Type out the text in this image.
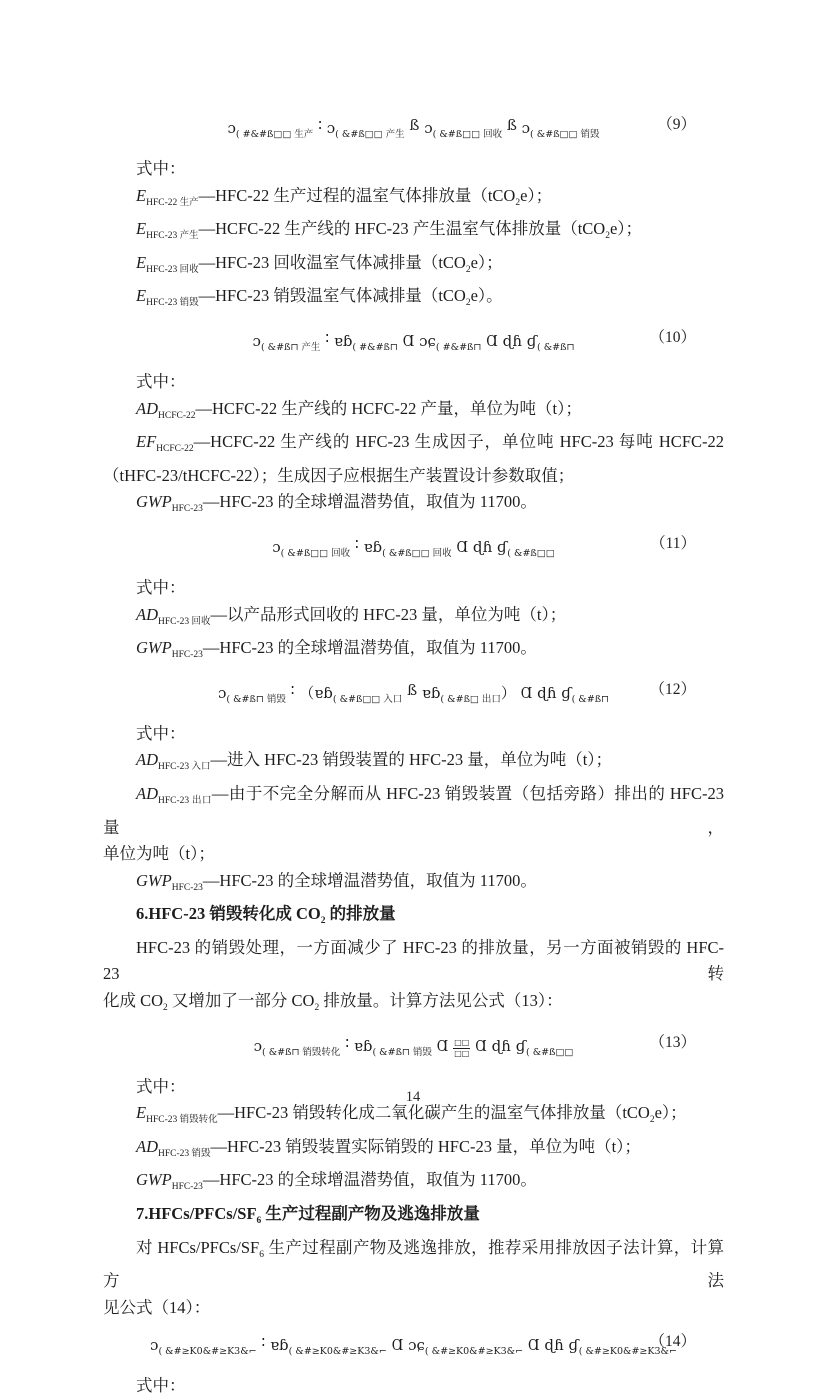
ɔ$_{( \#\&\#ß□□ 生产}$ ∶ ɔ$_{( \&\#ß□□ 产生}$ ß ɔ$_{( \&\#ß□□ 回收}$ ß ɔ$_{( \&\#ß□□ 销毁}$
（9）
式中：
$E_{HFC-22 生产}—HFC-22$ 生产过程的温室气体排放量（tCO$_2$e）；
$E_{HFC-23 产生}—HCFC-22$ 生产线的 HFC-23 产生温室气体排放量（tCO$_2$e）；
$E_{HFC-23 回收}—HFC-23$ 回收温室气体减排量（tCO$_2$e）；
$E_{HFC-23 销毁}—HFC-23$ 销毁温室气体减排量（tCO$_2$e）。
ɔ$_{( \&\#ß⊓ 产生}$ ∶ ɐɓ$_{( \#\&\#ß⊓}$ Ɑ ɔɕ$_{( \#\&\#ß⊓}$ Ɑ ɖɦ ɠ$_{( \&\#ß⊓}$
（10）
式中：
$AD_{HCFC-22}—HCFC-22$ 生产线的 HCFC-22 产量，单位为吨（t）；
$EF_{HCFC-22}—HCFC-22$ 生产线的 HFC-23 生成因子，单位吨 HFC-23 每吨 HCFC-22
（tHFC-23/tHCFC-22）；生成因子应根据生产装置设计参数取值；
$GWP_{HFC-23}—HFC-23$ 的全球增温潜势值，取值为 11700。
ɔ$_{( \&\#ß□□ 回收}$ ∶ ɐɓ$_{( \&\#ß□□ 回收}$ Ɑ ɖɦ ɠ$_{( \&\#ß□□}$
（11）
式中：
$AD_{HFC-23 回收}—$以产品形式回收的 HFC-23 量，单位为吨（t）；
$GWP_{HFC-23}—HFC-23$ 的全球增温潜势值，取值为 11700。
ɔ$_{( \&\#ß⊓ 销毁}$ ∶ （ɐɓ$_{( \&\#ß□□ 入口}$ ß ɐɓ$_{( \&\#ß□ 出口}$） Ɑ ɖɦ ɠ$_{( \&\#ß⊓}$
（12）
式中：
$AD_{HFC-23 入口}—$进入 HFC-23 销毁装置的 HFC-23 量，单位为吨（t）；
$AD_{HFC-23 出口}—$由于不完全分解而从 HFC-23 销毁装置（包括旁路）排出的 HFC-23 量，
单位为吨（t）；
$GWP_{HFC-23}—HFC-23$ 的全球增温潜势值，取值为 11700。
6.HFC-23 销毁转化成 $CO_2$ 的排放量
HFC-23 的销毁处理，一方面减少了 HFC-23 的排放量，另一方面被销毁的 HFC-23 转
化成 $CO_2$ 又增加了一部分 $CO_2$ 排放量。计算方法见公式（13）：
ɔ$_{( \&\#ß⊓ 销毁转化}$ ∶ ɐɓ$_{( \&\#ß⊓ 销毁}$ Ɑ $\frac{□□}{□□}$ Ɑ ɖɦ ɠ$_{( \&\#ß□□}$
（13）
式中：
$E_{HFC-23 销毁转化}—HFC-23$ 销毁转化成二氧化碳产生的温室气体排放量（tCO$_2$e）；
$AD_{HFC-23 销毁}—HFC-23$ 销毁装置实际销毁的 HFC-23 量，单位为吨（t）；
$GWP_{HFC-23}—HFC-23$ 的全球增温潜势值，取值为 11700。
$7.HFCs/PFCs/SF_6$ 生产过程副产物及逃逸排放量
对 HFCs/$PFCs/SF_6$ 生产过程副产物及逃逸排放，推荐采用排放因子法计算，计算方法
见公式（14）：
ɔ$_{( \&\#\ge K0\&\#\ge K3\&⌐}$ ∶ ɐɓ$_{( \&\#\ge K0\&\#\ge K3\&⌐}$ Ɑ ɔɕ$_{( \&\#\ge K0\&\#\ge K3\&⌐}$ Ɑ ɖɦ ɠ$_{( \&\#\ge K0\&\#\ge K3\&⌐}$
（14）
式中：
14
